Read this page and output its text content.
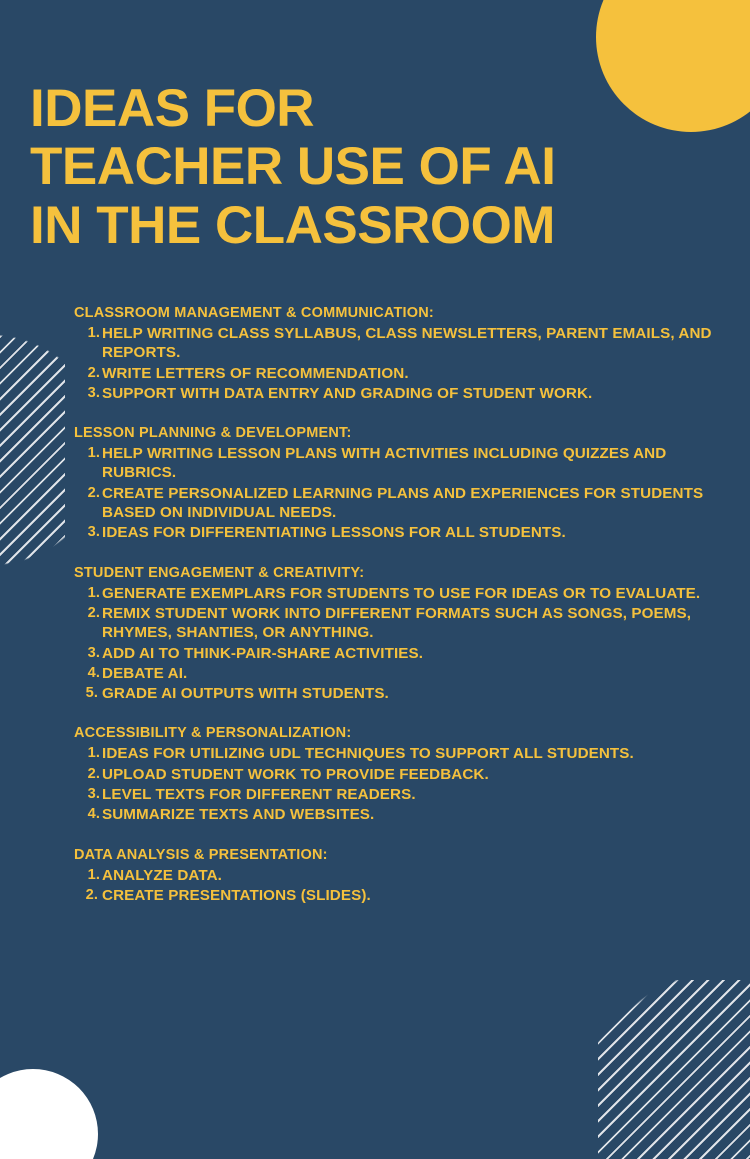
IDEAS FOR
TEACHER USE OF AI
IN THE CLASSROOM
CLASSROOM MANAGEMENT & COMMUNICATION:
HELP WRITING CLASS SYLLABUS, CLASS NEWSLETTERS, PARENT EMAILS, AND REPORTS.
WRITE LETTERS OF RECOMMENDATION.
SUPPORT WITH DATA ENTRY AND GRADING OF STUDENT WORK.
LESSON PLANNING & DEVELOPMENT:
HELP WRITING LESSON PLANS WITH ACTIVITIES INCLUDING QUIZZES AND RUBRICS.
CREATE PERSONALIZED LEARNING PLANS AND EXPERIENCES FOR STUDENTS BASED ON INDIVIDUAL NEEDS.
IDEAS FOR DIFFERENTIATING LESSONS FOR ALL STUDENTS.
STUDENT ENGAGEMENT & CREATIVITY:
GENERATE EXEMPLARS FOR STUDENTS TO USE FOR IDEAS OR TO EVALUATE.
REMIX STUDENT WORK INTO DIFFERENT FORMATS SUCH AS SONGS, POEMS, RHYMES, SHANTIES, OR ANYTHING.
ADD AI TO THINK-PAIR-SHARE ACTIVITIES.
DEBATE AI.
GRADE AI OUTPUTS WITH STUDENTS.
ACCESSIBILITY & PERSONALIZATION:
IDEAS FOR UTILIZING UDL TECHNIQUES TO SUPPORT ALL STUDENTS.
UPLOAD STUDENT WORK TO PROVIDE FEEDBACK.
LEVEL TEXTS FOR DIFFERENT READERS.
SUMMARIZE TEXTS AND WEBSITES.
DATA ANALYSIS & PRESENTATION:
ANALYZE DATA.
CREATE PRESENTATIONS (SLIDES).
